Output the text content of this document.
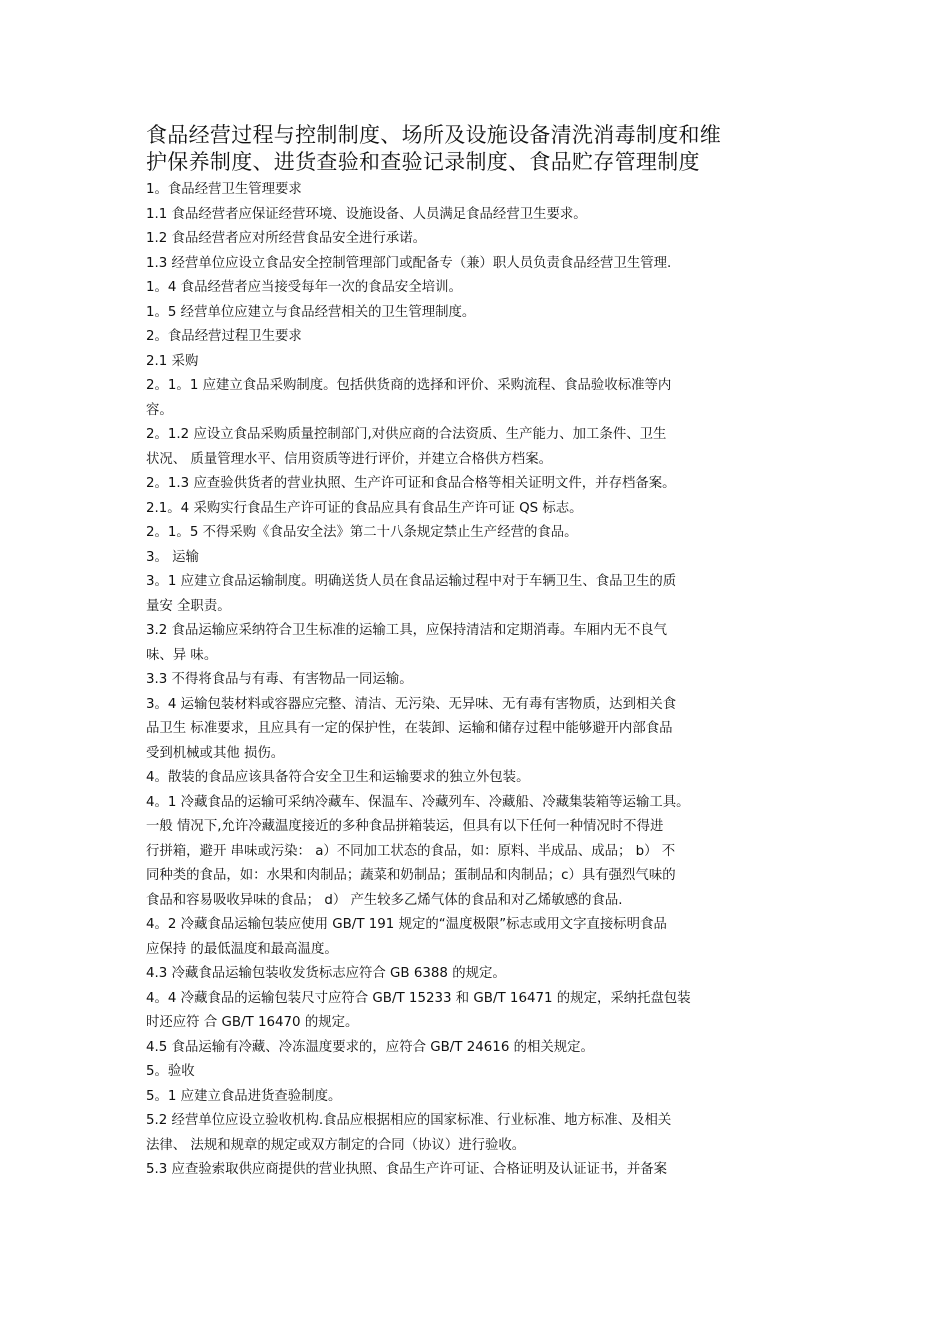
食品经营过程与控制制度、场所及设施设备清洗消毒制度和维
护保养制度、进货查验和查验记录制度、食品贮存管理制度
1。食品经营卫生管理要求
1.1 食品经营者应保证经营环境、设施设备、人员满足食品经营卫生要求。
1.2 食品经营者应对所经营食品安全进行承诺。
1.3 经营单位应设立食品安全控制管理部门或配备专（兼）职人员负责食品经营卫生管理.
1。4 食品经营者应当接受每年一次的食品安全培训。
1。5 经营单位应建立与食品经营相关的卫生管理制度。
2。食品经营过程卫生要求
2.1 采购
2。1。1 应建立食品采购制度。包括供货商的选择和评价、采购流程、食品验收标准等内
容。
2。1.2 应设立食品采购质量控制部门,对供应商的合法资质、生产能力、加工条件、卫生
状况、 质量管理水平、信用资质等进行评价，并建立合格供方档案。
2。1.3 应查验供货者的营业执照、生产许可证和食品合格等相关证明文件，并存档备案。
2.1。4 采购实行食品生产许可证的食品应具有食品生产许可证 QS 标志。
2。1。5 不得采购《食品安全法》第二十八条规定禁止生产经营的食品。
3。 运输
3。1 应建立食品运输制度。明确送货人员在食品运输过程中对于车辆卫生、食品卫生的质
量安 全职责。
3.2 食品运输应采纳符合卫生标准的运输工具，应保持清洁和定期消毒。车厢内无不良气
味、异 味。
3.3 不得将食品与有毒、有害物品一同运输。
3。4 运输包装材料或容器应完整、清洁、无污染、无异味、无有毒有害物质，达到相关食
品卫生 标准要求，且应具有一定的保护性，在装卸、运输和储存过程中能够避开内部食品
受到机械或其他 损伤。
4。散装的食品应该具备符合安全卫生和运输要求的独立外包装。
4。1 冷藏食品的运输可采纳冷藏车、保温车、冷藏列车、冷藏船、冷藏集装箱等运输工具。
一般 情况下,允许冷藏温度接近的多种食品拼箱装运，但具有以下任何一种情况时不得进
行拼箱，避开 串味或污染： a）不同加工状态的食品，如：原料、半成品、成品； b） 不
同种类的食品，如：水果和肉制品；蔬菜和奶制品；蛋制品和肉制品；c）具有强烈气味的
食品和容易吸收异味的食品； d） 产生较多乙烯气体的食品和对乙烯敏感的食品.
4。2 冷藏食品运输包装应使用 GB/T 191 规定的“温度极限”标志或用文字直接标明食品
应保持 的最低温度和最高温度。
4.3 冷藏食品运输包装收发货标志应符合 GB 6388 的规定。
4。4 冷藏食品的运输包装尺寸应符合 GB/T 15233 和 GB/T 16471 的规定，采纳托盘包装
时还应符 合 GB/T 16470 的规定。
4.5 食品运输有冷藏、冷冻温度要求的，应符合 GB/T 24616 的相关规定。
5。验收
5。1 应建立食品进货查验制度。
5.2 经营单位应设立验收机构.食品应根据相应的国家标准、行业标准、地方标准、及相关
法律、 法规和规章的规定或双方制定的合同（协议）进行验收。
5.3 应查验索取供应商提供的营业执照、食品生产许可证、合格证明及认证证书，并备案
